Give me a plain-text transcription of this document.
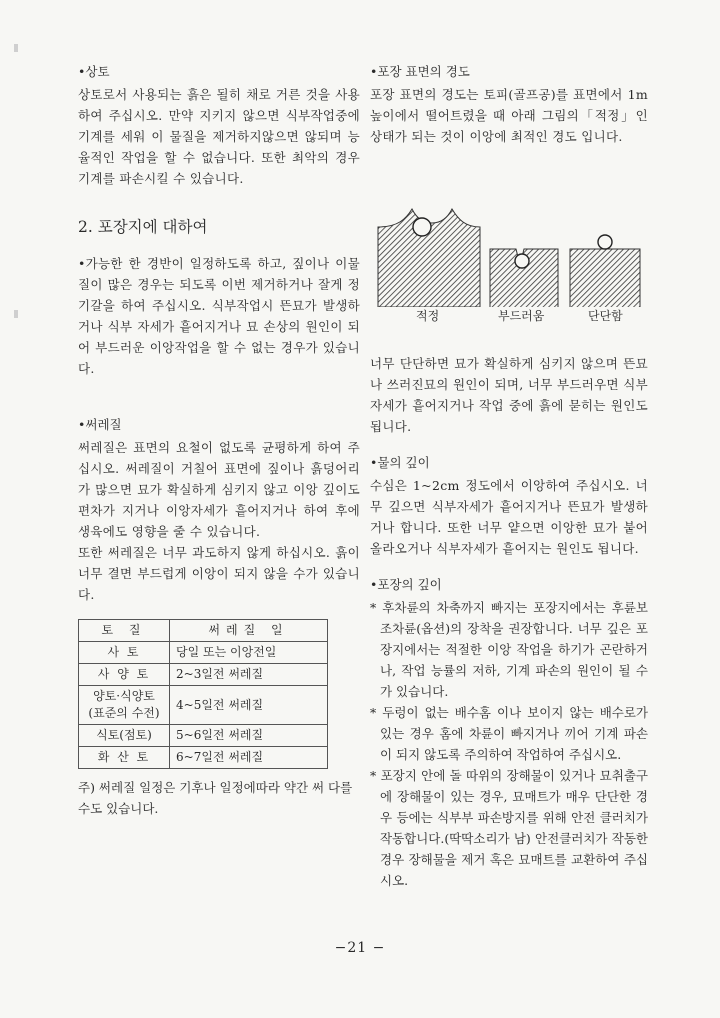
•상토

상토로서 사용되는 흙은 될히 채로 거른 것을 사용하여 주십시오. 만약 지키지 않으면 식부작업중에 기계를 세워 이 물질을 제거하지않으면 않되며 능율적인 작업을 할 수 없습니다. 또한 최악의 경우 기계를 파손시킬 수 있습니다.

2. 포장지에 대하여

•가능한 한 경반이 일정하도록 하고, 짚이나 이물질이 많은 경우는 되도록 이번 제거하거나 잘게 정기갈을 하여 주십시오. 식부작업시 뜬묘가 발생하거나 식부 자세가 흩어지거나 묘 손상의 원인이 되어 부드러운 이앙작업을 할 수 없는 경우가 있습니다.

•써레질

써레질은 표면의 요철이 없도록 균평하게 하여 주십시오. 써레질이 거칠어 표면에 짚이나 흙덩어리가 많으면 묘가 확실하게 심키지 않고 이앙 깊이도 편차가 지거나 이앙자세가 흩어지거나 하여 후에 생육에도 영향을 줄 수 있습니다.

또한 써레질은 너무 과도하지 않게 하십시오. 흙이 너무 결면 부드럽게 이앙이 되지 않을 수가 있습니다.

토 질	써레질 일
사 토	당일 또는 이앙전일
사 양 토	2~3일전 써레질
양토·식양토
(표준의 수전)	4~5일전 써레질
식토(점토)	5~6일전 써레질
화 산 토	6~7일전 써레질

주) 써레질 일정은 기후나 일정에따라 약간 써 다를 수도 있습니다.

•포장 표면의 경도

포장 표면의 경도는 토피(골프공)를 표면에서 1m 높이에서 떨어트렸을 때 아래 그림의「적정」인 상태가 되는 것이 이앙에 최적인 경도 입니다.

적정	부드러움	단단함

너무 단단하면 묘가 확실하게 심키지 않으며 뜬묘나 쓰러진묘의 원인이 되며, 너무 부드러우면 식부자세가 흩어지거나 작업 중에 흙에 묻히는 원인도 됩니다.

•물의 깊이

수심은 1~2cm 정도에서 이앙하여 주십시오. 너무 깊으면 식부자세가 흩어지거나 뜬묘가 발생하거나 합니다. 또한 너무 얕으면 이앙한 묘가 붙어 올라오거나 식부자세가 흩어지는 원인도 됩니다.

•포장의 깊이

* 후차륜의 차축까지 빠지는 포장지에서는 후륜보조차륜(옵션)의 장착을 권장합니다. 너무 깊은 포장지에서는 적절한 이앙 작업을 하기가 곤란하거나, 작업 능률의 저하, 기계 파손의 원인이 될 수가 있습니다.

* 두렁이 없는 배수홈 이나 보이지 않는 배수로가 있는 경우 홈에 차륜이 빠지거나 끼어 기계 파손이 되지 않도록 주의하여 작업하여 주십시오.

* 포장지 안에 돌 따위의 장해물이 있거나 묘취출구에 장해물이 있는 경우, 묘매트가 매우 단단한 경우 등에는 식부부 파손방지를 위해 안전 클러치가 작동합니다.(딱딱소리가 남) 안전클러치가 작동한 경우 장해물을 제거 혹은 묘매트를 교환하여 주십시오.

−21 −
